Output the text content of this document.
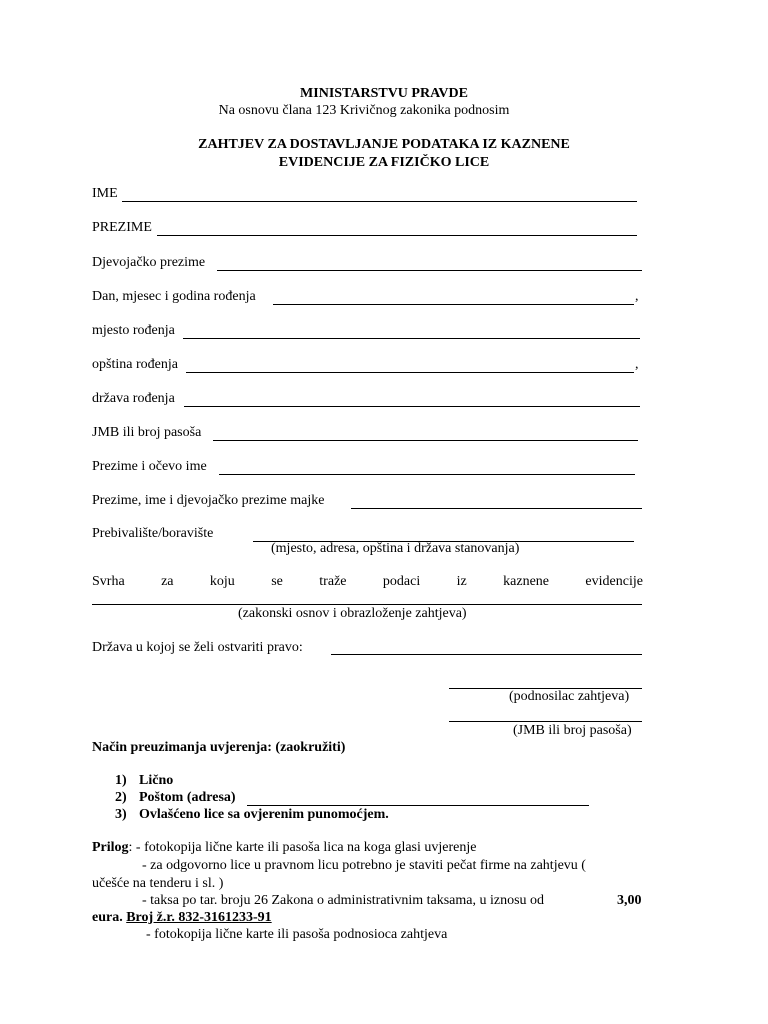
MINISTARSTVU PRAVDE
Na osnovu člana 123 Krivičnog zakonika podnosim
ZAHTJEV ZA DOSTAVLJANJE PODATAKA IZ KAZNENE
EVIDENCIJE ZA FIZIČKO LICE
IME
PREZIME
Djevojačko prezime
Dan, mjesec i godina rođenja	,
mjesto rođenja
opština rođenja	,
država rođenja
JMB ili broj pasoša
Prezime i očevo ime
Prezime, ime i djevojačko prezime majke
Prebivalište/boravište
(mjesto, adresa, opština i država stanovanja)
Svrha	za	koju	se	traže	podaci	iz	kaznene	evidencije
(zakonski osnov i obrazloženje zahtjeva)
Država u kojoj se želi ostvariti pravo:
(podnosilac zahtjeva)
(JMB ili broj pasoša)
Način preuzimanja uvjerenja: (zaokružiti)
1) Lično
2) Poštom (adresa)
3) Ovlašćeno lice sa ovjerenim punomoćjem.
Prilog: - fotokopija lične karte ili pasoša lica na koga glasi uvjerenje
- za odgovorno lice u pravnom licu potrebno je staviti pečat firme na zahtjevu (
učešće na tenderu i sl. )
- taksa po tar. broju 26 Zakona o administrativnim taksama, u iznosu od	3,00
eura. Broj ž.r. 832-3161233-91
- fotokopija lične karte ili pasoša podnosioca zahtjeva
